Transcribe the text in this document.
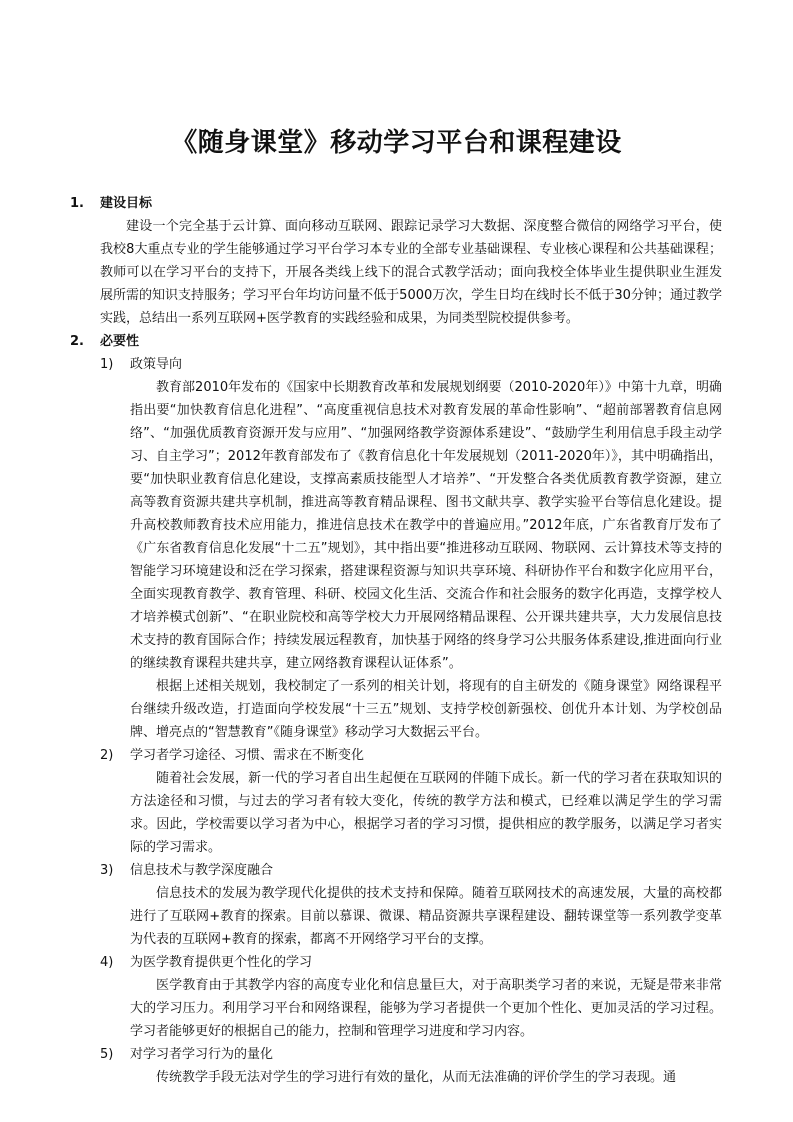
《随身课堂》移动学习平台和课程建设
1.	建设目标

建设一个完全基于云计算、面向移动互联网、跟踪记录学习大数据、深度整合微信的网络学习平台，使我校8大重点专业的学生能够通过学习平台学习本专业的全部专业基础课程、专业核心课程和公共基础课程；教师可以在学习平台的支持下，开展各类线上线下的混合式教学活动；面向我校全体毕业生提供职业生涯发展所需的知识支持服务；学习平台年均访问量不低于5000万次，学生日均在线时长不低于30分钟；通过教学实践，总结出一系列互联网+医学教育的实践经验和成果，为同类型院校提供参考。

2.	必要性
1)	政策导向

教育部2010年发布的《国家中长期教育改革和发展规划纲要（2010-2020年）》中第十九章，明确指出要“加快教育信息化进程”、“高度重视信息技术对教育发展的革命性影响”、“超前部署教育信息网络”、“加强优质教育资源开发与应用”、“加强网络教学资源体系建设”、“鼓励学生利用信息手段主动学习、自主学习”；2012年教育部发布了《教育信息化十年发展规划（2011-2020年）》，其中明确指出，要“加快职业教育信息化建设，支撑高素质技能型人才培养”、“开发整合各类优质教育教学资源，建立高等教育资源共建共享机制，推进高等教育精品课程、图书文献共享、教学实验平台等信息化建设。提升高校教师教育技术应用能力，推进信息技术在教学中的普遍应用。”2012年底，广东省教育厅发布了《广东省教育信息化发展“十二五”规划》，其中指出要“推进移动互联网、物联网、云计算技术等支持的智能学习环境建设和泛在学习探索，搭建课程资源与知识共享环境、科研协作平台和数字化应用平台，全面实现教育教学、教育管理、科研、校园文化生活、交流合作和社会服务的数字化再造，支撑学校人才培养模式创新”、“在职业院校和高等学校大力开展网络精品课程、公开课共建共享，大力发展信息技术支持的教育国际合作；持续发展远程教育，加快基于网络的终身学习公共服务体系建设,推进面向行业的继续教育课程共建共享，建立网络教育课程认证体系”。

根据上述相关规划，我校制定了一系列的相关计划，将现有的自主研发的《随身课堂》网络课程平台继续升级改造，打造面向学校发展“十三五”规划、支持学校创新强校、创优升本计划、为学校创品牌、增亮点的“智慧教育”《随身课堂》移动学习大数据云平台。

2)	学习者学习途径、习惯、需求在不断变化

随着社会发展，新一代的学习者自出生起便在互联网的伴随下成长。新一代的学习者在获取知识的方法途径和习惯，与过去的学习者有较大变化，传统的教学方法和模式，已经难以满足学生的学习需求。因此，学校需要以学习者为中心，根据学习者的学习习惯，提供相应的教学服务，以满足学习者实际的学习需求。

3)	信息技术与教学深度融合

信息技术的发展为教学现代化提供的技术支持和保障。随着互联网技术的高速发展，大量的高校都进行了互联网+教育的探索。目前以慕课、微课、精品资源共享课程建设、翻转课堂等一系列教学变革为代表的互联网+教育的探索，都离不开网络学习平台的支撑。

4)	为医学教育提供更个性化的学习

医学教育由于其教学内容的高度专业化和信息量巨大，对于高职类学习者的来说，无疑是带来非常大的学习压力。利用学习平台和网络课程，能够为学习者提供一个更加个性化、更加灵活的学习过程。学习者能够更好的根据自己的能力，控制和管理学习进度和学习内容。

5)	对学习者学习行为的量化

传统教学手段无法对学生的学习进行有效的量化，从而无法准确的评价学生的学习表现。通
